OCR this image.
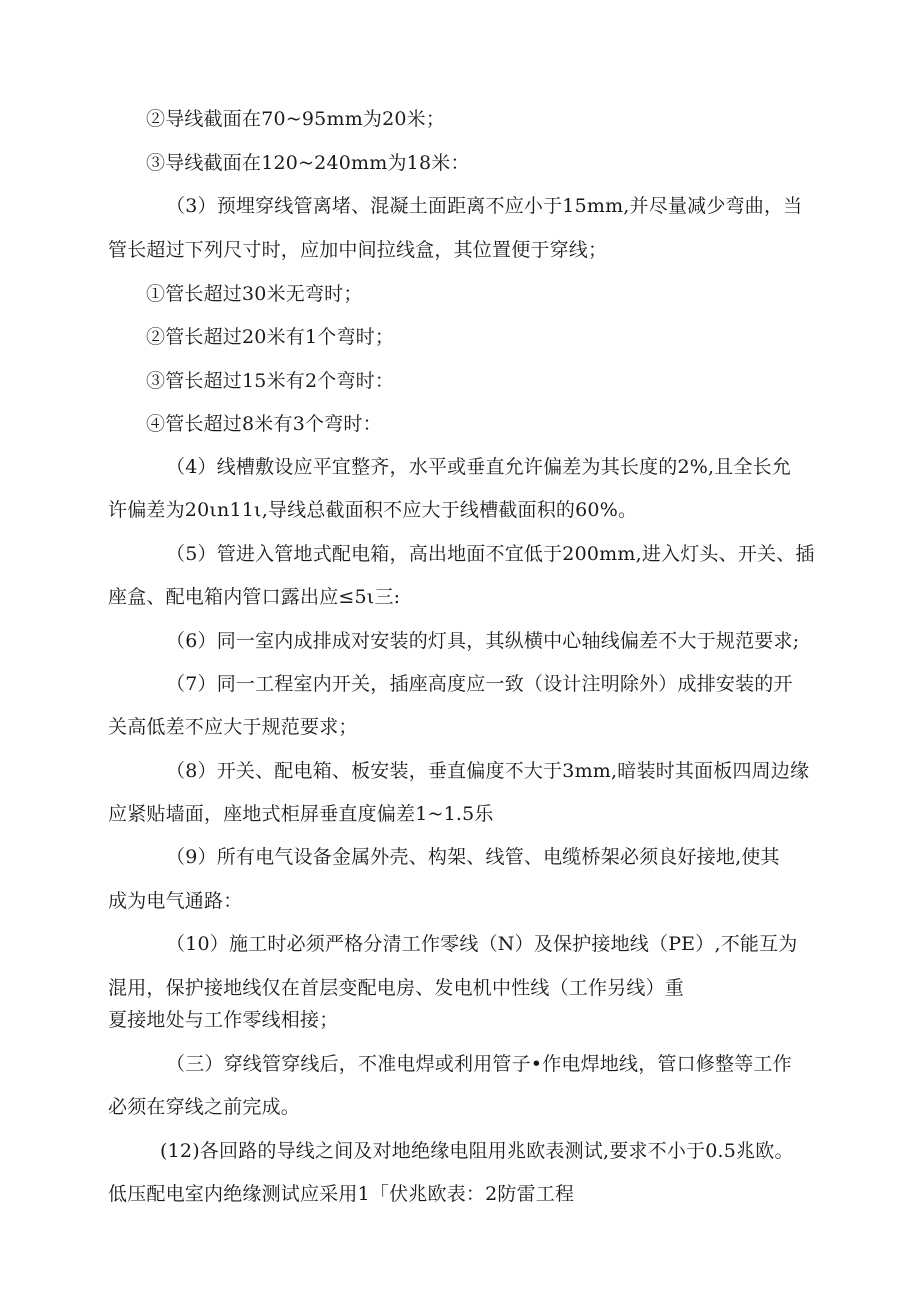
②导线截面在70~95mm为20米；
③导线截面在120~240mm为18米：
（3）预埋穿线管离堵、混凝土面距离不应小于15mm,并尽量减少弯曲，当
管长超过下列尺寸时，应加中间拉线盒，其位置便于穿线；
①管长超过30米无弯时；
②管长超过20米有1个弯时；
③管长超过15米有2个弯时：
④管长超过8米有3个弯时：
（4）线槽敷设应平宜整齐，水平或垂直允许偏差为其长度的2%,且全长允
许偏差为20ιn11ι,导线总截面积不应大于线槽截面积的60%。
（5）管进入管地式配电箱，高出地面不宜低于200mm,进入灯头、开关、插
座盒、配电箱内管口露出应≤5ι三:
（6）同一室内成排成对安装的灯具，其纵横中心轴线偏差不大于规范要求;
（7）同一工程室内开关，插座高度应一致（设计注明除外）成排安装的开
关高低差不应大于规范要求；
（8）开关、配电箱、板安装，垂直偏度不大于3mm,暗装时其面板四周边缘
应紧贴墙面，座地式柜屏垂直度偏差1~1.5乐
（9）所有电气设备金属外壳、构架、线管、电缆桥架必须良好接地,使其
成为电气通路：
（10）施工时必须严格分清工作零线（N）及保护接地线（PE）,不能互为
混用，保护接地线仅在首层变配电房、发电机中性线（工作另线）重
夏接地处与工作零线相接；
（三）穿线管穿线后，不准电焊或利用管子•作电焊地线，管口修整等工作
必须在穿线之前完成。
(12)各回路的导线之间及对地绝缘电阻用兆欧表测试,要求不小于0.5兆欧。
低压配电室内绝缘测试应采用1「伏兆欧表：2防雷工程
